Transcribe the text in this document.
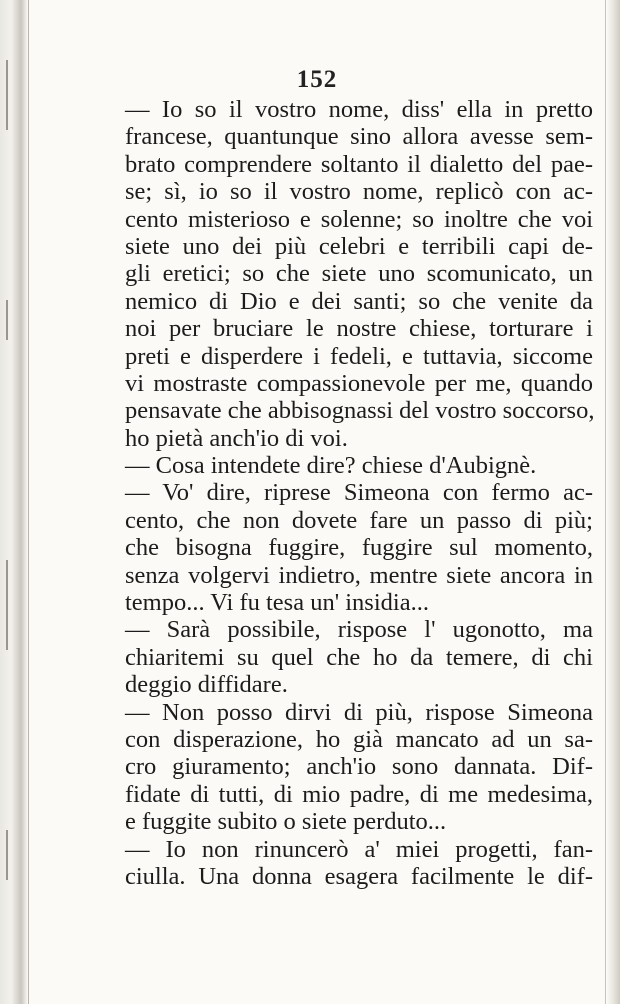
152
— Io so il vostro nome, diss' ella in pretto
francese, quantunque sino allora avesse sem-
brato comprendere soltanto il dialetto del pae-
se; sì, io so il vostro nome, replicò con ac-
cento misterioso e solenne; so inoltre che voi
siete uno dei più celebri e terribili capi de-
gli eretici; so che siete uno scomunicato, un
nemico di Dio e dei santi; so che venite da
noi per bruciare le nostre chiese, torturare i
preti e disperdere i fedeli, e tuttavia, siccome
vi mostraste compassionevole per me, quando
pensavate che abbisognassi del vostro soccorso,
ho pietà anch'io di voi.
— Cosa intendete dire? chiese d'Aubignè.
— Vo' dire, riprese Simeona con fermo ac-
cento, che non dovete fare un passo di più;
che bisogna fuggire, fuggire sul momento,
senza volgervi indietro, mentre siete ancora in
tempo... Vi fu tesa un' insidia...
— Sarà possibile, rispose l' ugonotto, ma
chiaritemi su quel che ho da temere, di chi
deggio diffidare.
— Non posso dirvi di più, rispose Simeona
con disperazione, ho già mancato ad un sa-
cro giuramento; anch'io sono dannata. Dif-
fidate di tutti, di mio padre, di me medesima,
e fuggite subito o siete perduto...
— Io non rinuncerò a' miei progetti, fan-
ciulla. Una donna esagera facilmente le dif-
